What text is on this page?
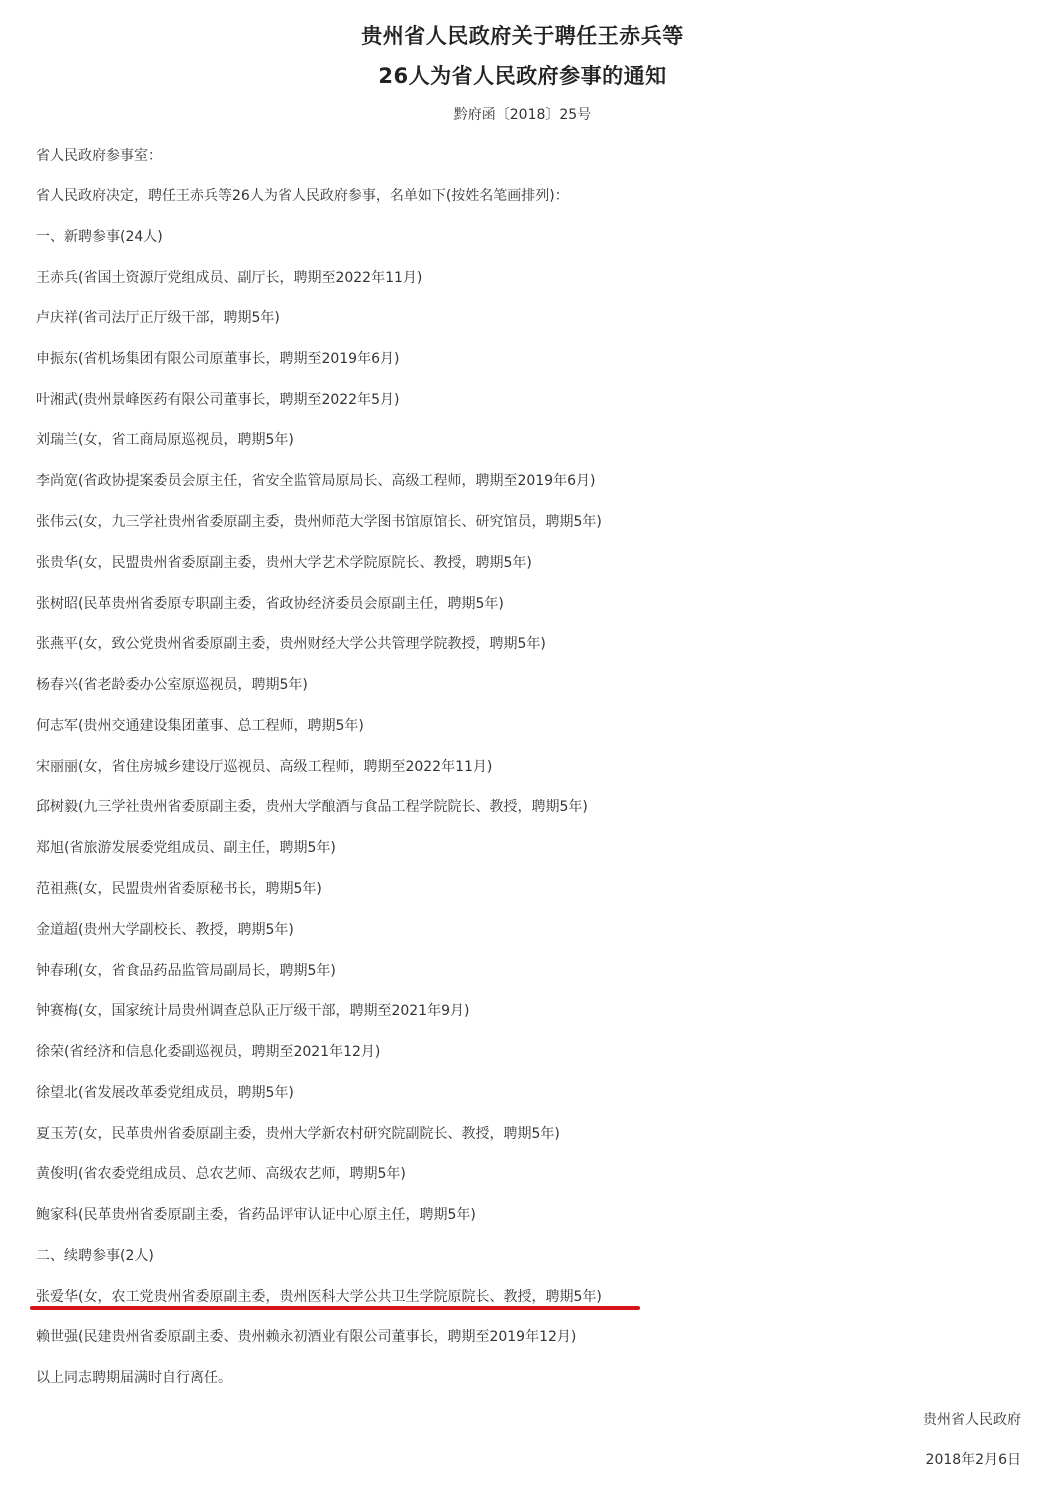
贵州省人民政府关于聘任王赤兵等
26人为省人民政府参事的通知
黔府函〔2018〕25号
省人民政府参事室：
省人民政府决定，聘任王赤兵等26人为省人民政府参事，名单如下(按姓名笔画排列)：
一、新聘参事(24人)
王赤兵(省国土资源厅党组成员、副厅长，聘期至2022年11月)
卢庆祥(省司法厅正厅级干部，聘期5年)
申振东(省机场集团有限公司原董事长，聘期至2019年6月)
叶湘武(贵州景峰医药有限公司董事长，聘期至2022年5月)
刘瑞兰(女，省工商局原巡视员，聘期5年)
李尚宽(省政协提案委员会原主任，省安全监管局原局长、高级工程师，聘期至2019年6月)
张伟云(女，九三学社贵州省委原副主委，贵州师范大学图书馆原馆长、研究馆员，聘期5年)
张贵华(女，民盟贵州省委原副主委，贵州大学艺术学院原院长、教授，聘期5年)
张树昭(民革贵州省委原专职副主委，省政协经济委员会原副主任，聘期5年)
张燕平(女，致公党贵州省委原副主委，贵州财经大学公共管理学院教授，聘期5年)
杨春兴(省老龄委办公室原巡视员，聘期5年)
何志军(贵州交通建设集团董事、总工程师，聘期5年)
宋丽丽(女，省住房城乡建设厅巡视员、高级工程师，聘期至2022年11月)
邱树毅(九三学社贵州省委原副主委，贵州大学酿酒与食品工程学院院长、教授，聘期5年)
郑旭(省旅游发展委党组成员、副主任，聘期5年)
范祖燕(女，民盟贵州省委原秘书长，聘期5年)
金道超(贵州大学副校长、教授，聘期5年)
钟春琍(女，省食品药品监管局副局长，聘期5年)
钟赛梅(女，国家统计局贵州调查总队正厅级干部，聘期至2021年9月)
徐荣(省经济和信息化委副巡视员，聘期至2021年12月)
徐望北(省发展改革委党组成员，聘期5年)
夏玉芳(女，民革贵州省委原副主委，贵州大学新农村研究院副院长、教授，聘期5年)
黄俊明(省农委党组成员、总农艺师、高级农艺师，聘期5年)
鲍家科(民革贵州省委原副主委，省药品评审认证中心原主任，聘期5年)
二、续聘参事(2人)
张爱华(女，农工党贵州省委原副主委，贵州医科大学公共卫生学院原院长、教授，聘期5年)
赖世强(民建贵州省委原副主委、贵州赖永初酒业有限公司董事长，聘期至2019年12月)
以上同志聘期届满时自行离任。
贵州省人民政府
2018年2月6日
